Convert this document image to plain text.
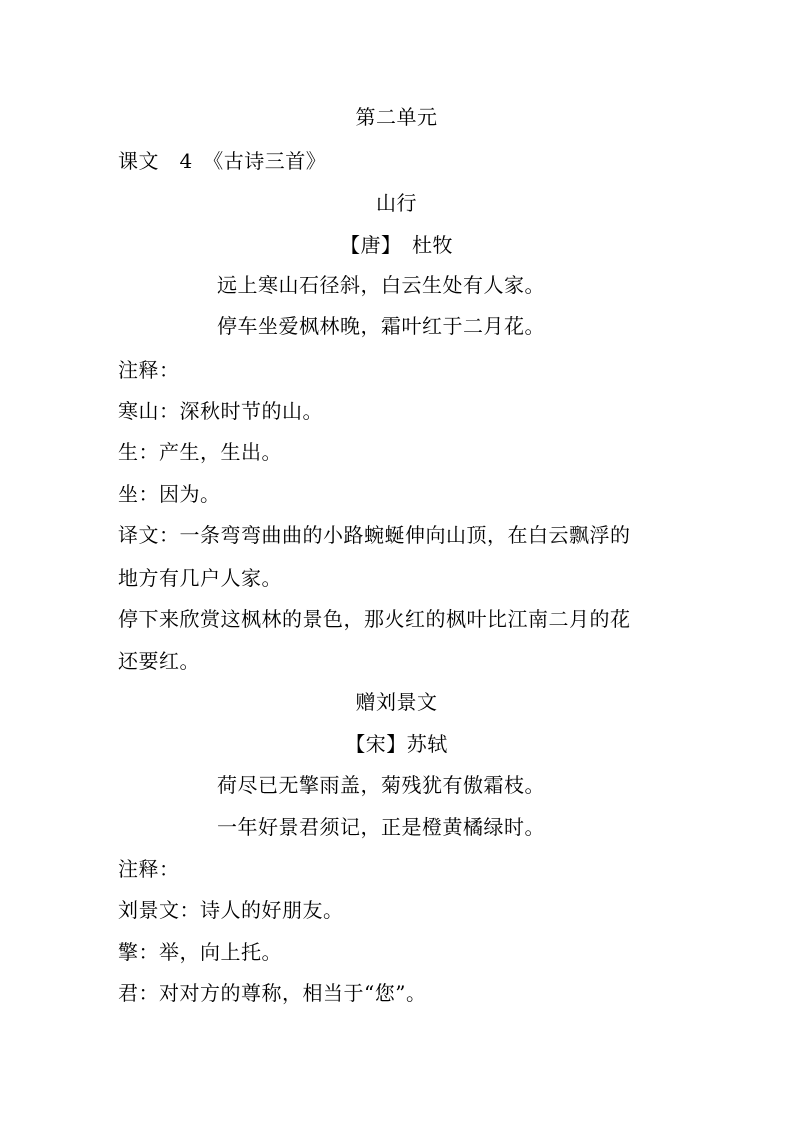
第二单元
课文　4　《古诗三首》
山行
【唐】　杜牧
远上寒山石径斜，白云生处有人家。
停车坐爱枫林晚，霜叶红于二月花。
注释：
寒山：深秋时节的山。
生：产生，生出。
坐：因为。
译文：一条弯弯曲曲的小路蜿蜒伸向山顶，在白云飘浮的
地方有几户人家。
停下来欣赏这枫林的景色，那火红的枫叶比江南二月的花
还要红。
赠刘景文
【宋】苏轼
荷尽已无擎雨盖，菊残犹有傲霜枝。
一年好景君须记，正是橙黄橘绿时。
注释：
刘景文：诗人的好朋友。
擎：举，向上托。
君：对对方的尊称，相当于“您”。
